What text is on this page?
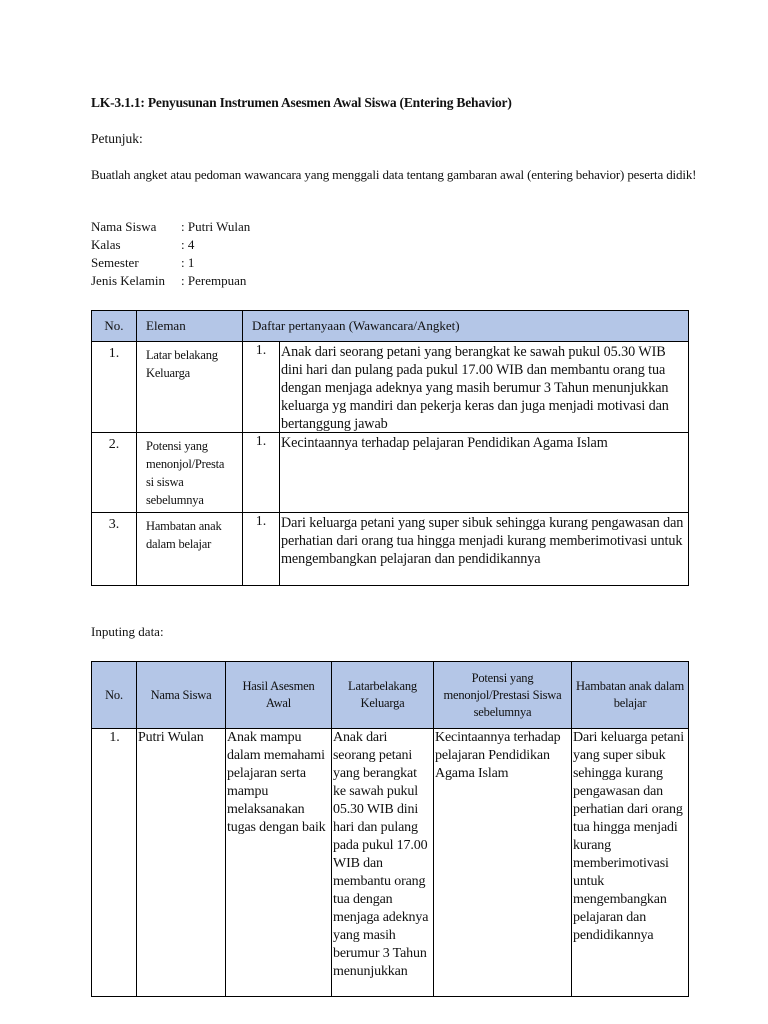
LK-3.1.1: Penyusunan Instrumen Asesmen Awal Siswa (Entering Behavior)
Petunjuk:
Buatlah angket atau pedoman wawancara yang menggali data tentang gambaran awal (entering behavior) peserta didik!
Nama Siswa	: Putri Wulan
Kalas	: 4
Semester	: 1
Jenis Kelamin	: Perempuan
No.	Eleman	Daftar pertanyaan (Wawancara/Angket)
1.	Latar belakang Keluarga	1. Anak dari seorang petani yang berangkat ke sawah pukul 05.30 WIB dini hari dan pulang pada pukul 17.00 WIB dan membantu orang tua dengan menjaga adeknya yang masih berumur 3 Tahun menunjukkan keluarga yg mandiri dan pekerja keras dan juga menjadi motivasi dan bertanggung jawab

2.	Potensi yang menonjol/Presta si siswa sebelumnya	1. Kecintaannya terhadap pelajaran Pendidikan Agama Islam

3.	Hambatan anak dalam belajar	1. Dari keluarga petani yang super sibuk sehingga kurang pengawasan dan perhatian dari orang tua hingga menjadi kurang memberimotivasi untuk mengembangkan pelajaran dan pendidikannya
Inputing data:
No.	Nama Siswa	Hasil Asesmen Awal	Latarbelakang Keluarga	Potensi yang menonjol/Prestasi Siswa sebelumnya	Hambatan anak dalam belajar
1.	Putri Wulan	Anak mampu dalam memahami pelajaran serta mampu melaksanakan tugas dengan baik	Anak dari seorang petani yang berangkat ke sawah pukul 05.30 WIB dini hari dan pulang pada pukul 17.00 WIB dan membantu orang tua dengan menjaga adeknya yang masih berumur 3 Tahun menunjukkan	Kecintaannya terhadap pelajaran Pendidikan Agama Islam	Dari keluarga petani yang super sibuk sehingga kurang pengawasan dan perhatian dari orang tua hingga menjadi kurang memberimotivasi untuk mengembangkan pelajaran dan pendidikannya
